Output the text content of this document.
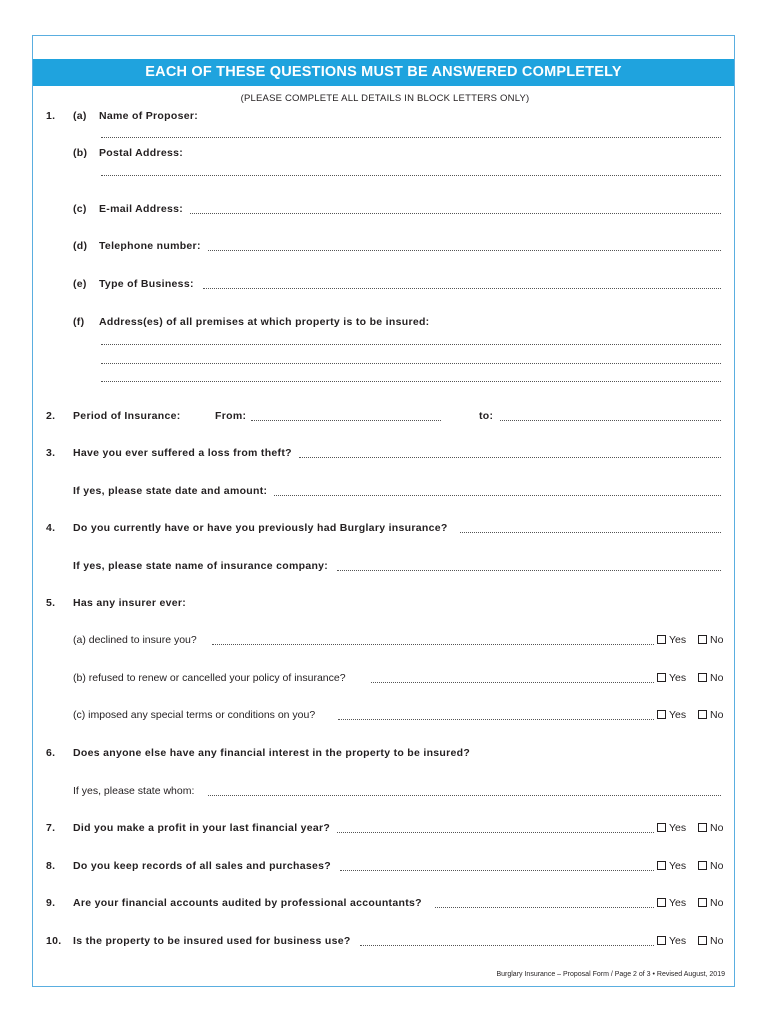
EACH OF THESE QUESTIONS MUST BE ANSWERED COMPLETELY
(PLEASE COMPLETE ALL DETAILS IN BLOCK LETTERS ONLY)
1. (a) Name of Proposer:
(b) Postal Address:
(c) E-mail Address:
(d) Telephone number:
(e) Type of Business:
(f) Address(es) of all premises at which property is to be insured:
2. Period of Insurance:	From:	to:
3. Have you ever suffered a loss from theft?
If yes, please state date and amount:
4. Do you currently have or have you previously had Burglary insurance?
If yes, please state name of insurance company:
5. Has any insurer ever:
(a) declined to insure you?	Yes	No
(b) refused to renew or cancelled your policy of insurance?	Yes	No
(c) imposed any special terms or conditions on you?	Yes	No
6. Does anyone else have any financial interest in the property to be insured?
If yes, please state whom:
7. Did you make a profit in your last financial year?	Yes	No
8. Do you keep records of all sales and purchases?	Yes	No
9. Are your financial accounts audited by professional accountants?	Yes	No
10. Is the property to be insured used for business use?	Yes	No
Burglary Insurance – Proposal Form / Page 2 of 3 • Revised August, 2019
